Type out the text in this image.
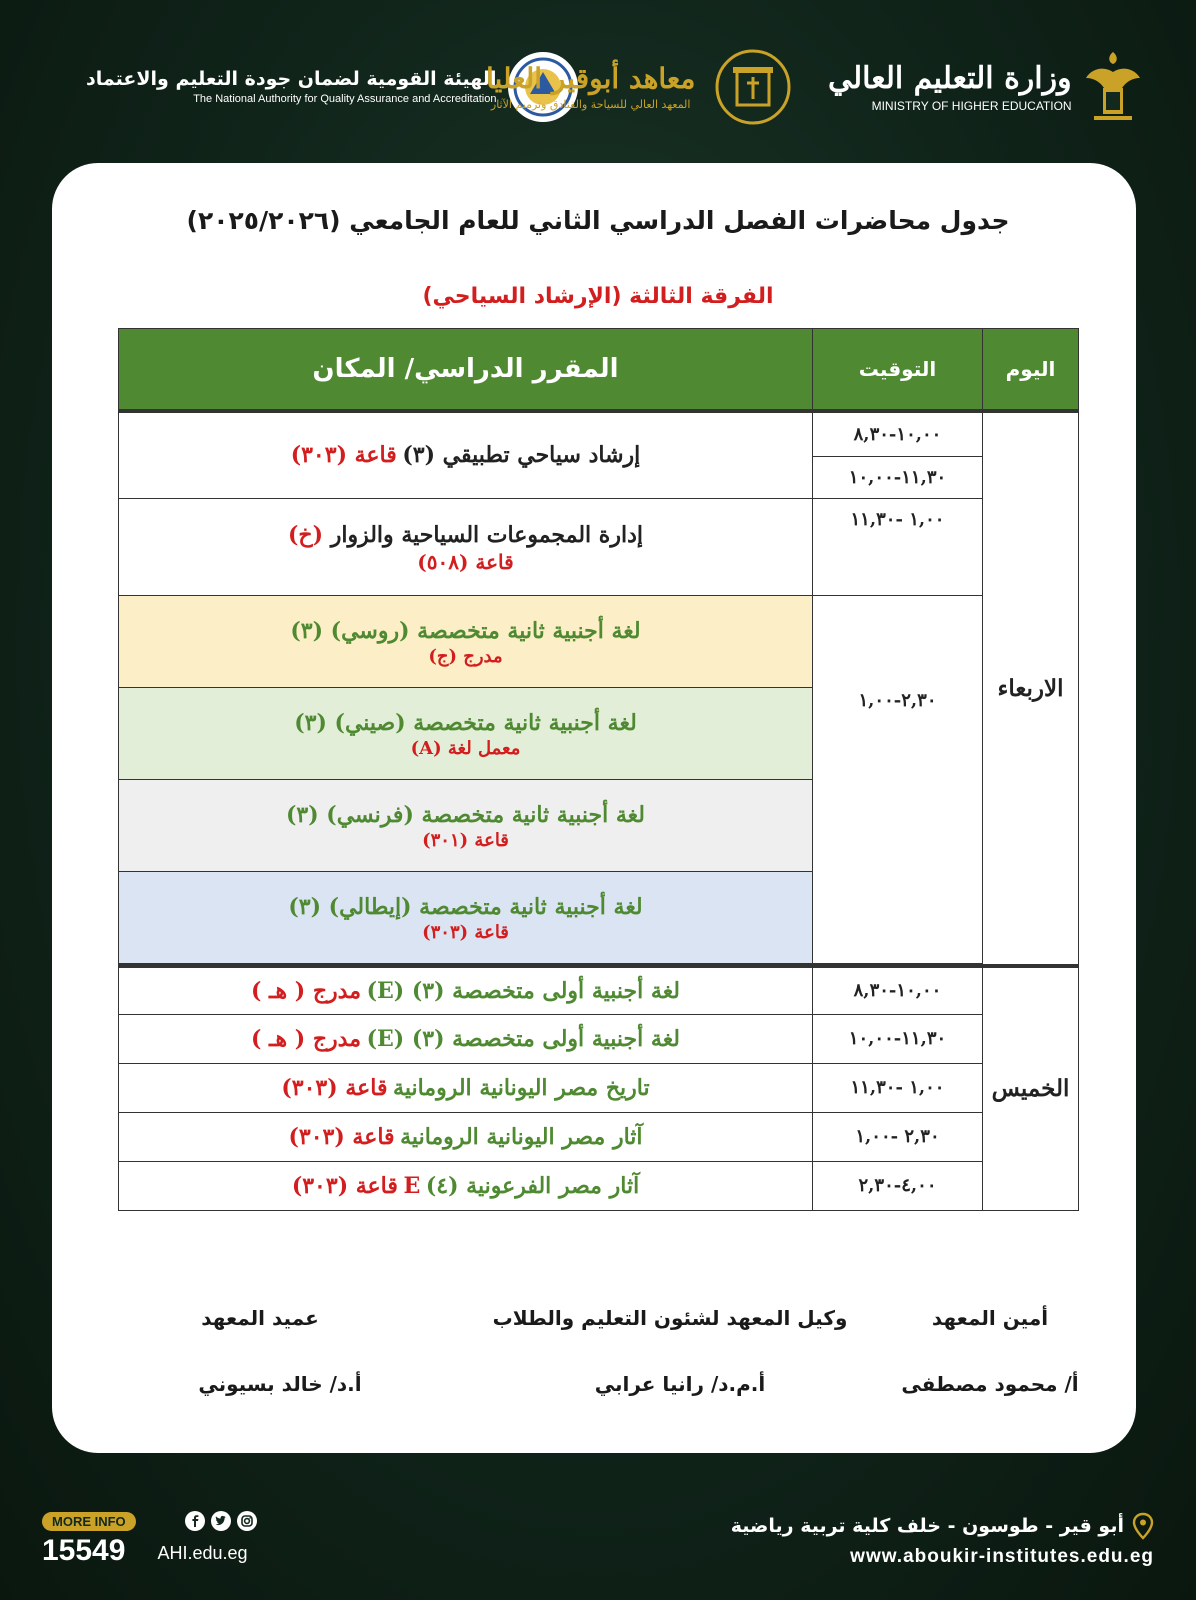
الهيئة القومية لضمان جودة التعليم والاعتماد
The National Authority for Quality Assurance and Accreditation
معاهد أبوقير العليا
المعهد العالي للسياحة والفنادق وترميم الآثار
وزارة التعليم العالي
MINISTRY OF HIGHER EDUCATION
جدول محاضرات الفصل الدراسي الثاني للعام الجامعي (٢٠٢٥/٢٠٢٦)
الفرقة الثالثة (الإرشاد السياحي)
اليوم	التوقيت	المقرر الدراسي/ المكان
الاربعاء	١٠,٠٠-٨,٣٠	إرشاد سياحي تطبيقي (٣) قاعة (٣٠٣)
	١١,٣٠-١٠,٠٠	
	١,٠٠ -١١,٣٠	إدارة المجموعات السياحية والزوار (خ)
قاعة (٥٠٨)

	٢,٣٠-١,٠٠	لغة أجنبية ثانية متخصصة (روسي) (٣)
مدرج (ج)

		لغة أجنبية ثانية متخصصة (صيني) (٣)
معمل لغة (A)

		لغة أجنبية ثانية متخصصة (فرنسي) (٣)
قاعة (٣٠١)

		لغة أجنبية ثانية متخصصة (إيطالي) (٣)
قاعة (٣٠٣)

الخميس	١٠,٠٠-٨,٣٠	لغة أجنبية أولى متخصصة (٣) (E) مدرج ( هـ )
	١١,٣٠-١٠,٠٠	لغة أجنبية أولى متخصصة (٣) (E) مدرج ( هـ )
	١,٠٠ -١١,٣٠	تاريخ مصر اليونانية الرومانية قاعة (٣٠٣)
	٢,٣٠ -١,٠٠	آثار مصر اليونانية الرومانية قاعة (٣٠٣)
	٤,٠٠-٢,٣٠	آثار مصر الفرعونية (٤) E قاعة (٣٠٣)
أمين المعهد
أ/ محمود مصطفى
وكيل المعهد لشئون التعليم والطلاب
أ.م.د/ رانيا عرابي
عميد المعهد
أ.د/ خالد بسيوني
MORE INFO
15549 AHI.edu.eg
أبو قير - طوسون - خلف كلية تربية رياضية
www.aboukir-institutes.edu.eg
